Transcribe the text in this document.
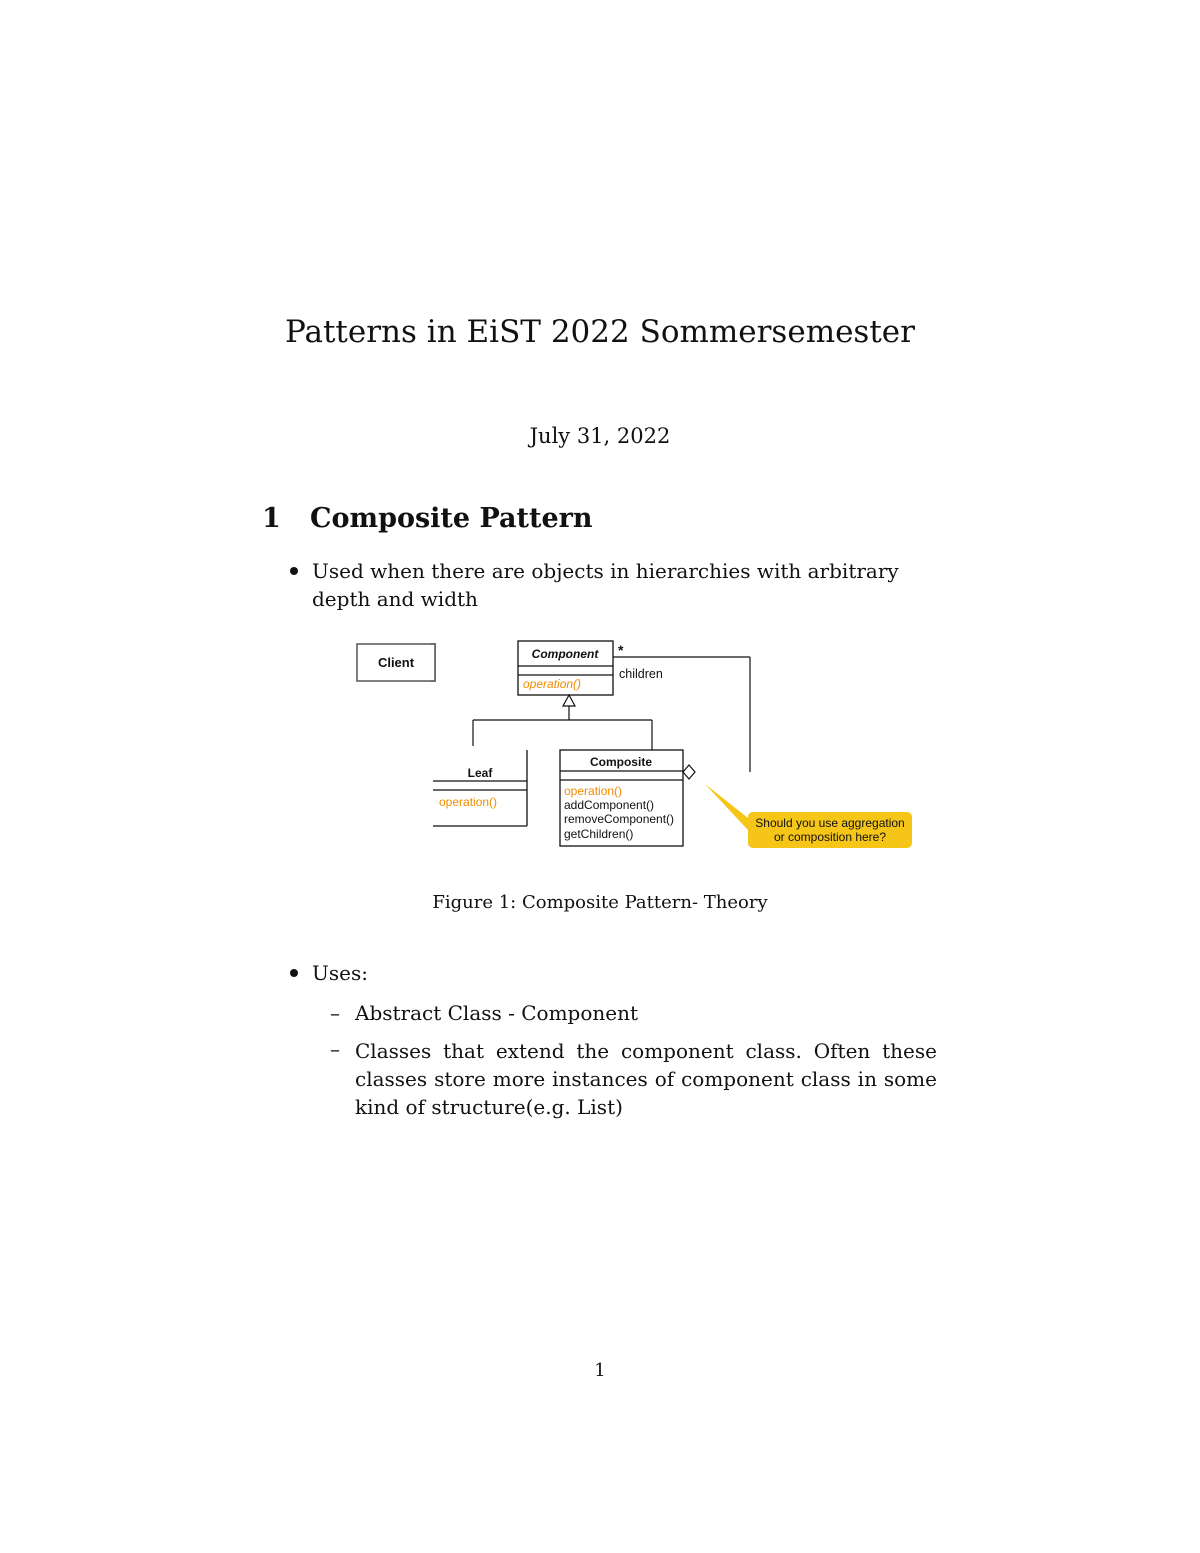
Patterns in EiST 2022 Sommersemester
July 31, 2022
1 Composite Pattern
Used when there are objects in hierarchies with arbitrary depth and width
Component
operation()
*
children
Leaf
operation()
Composite
operation()
addComponent()
removeComponent()
getChildren()
Should you use aggregation
or composition here?
Client
Figure 1: Composite Pattern- Theory
Uses:
– Abstract Class - Component
– Classes that extend the component class. Often these classes store more instances of component class in some kind of structure(e.g. List)
1
